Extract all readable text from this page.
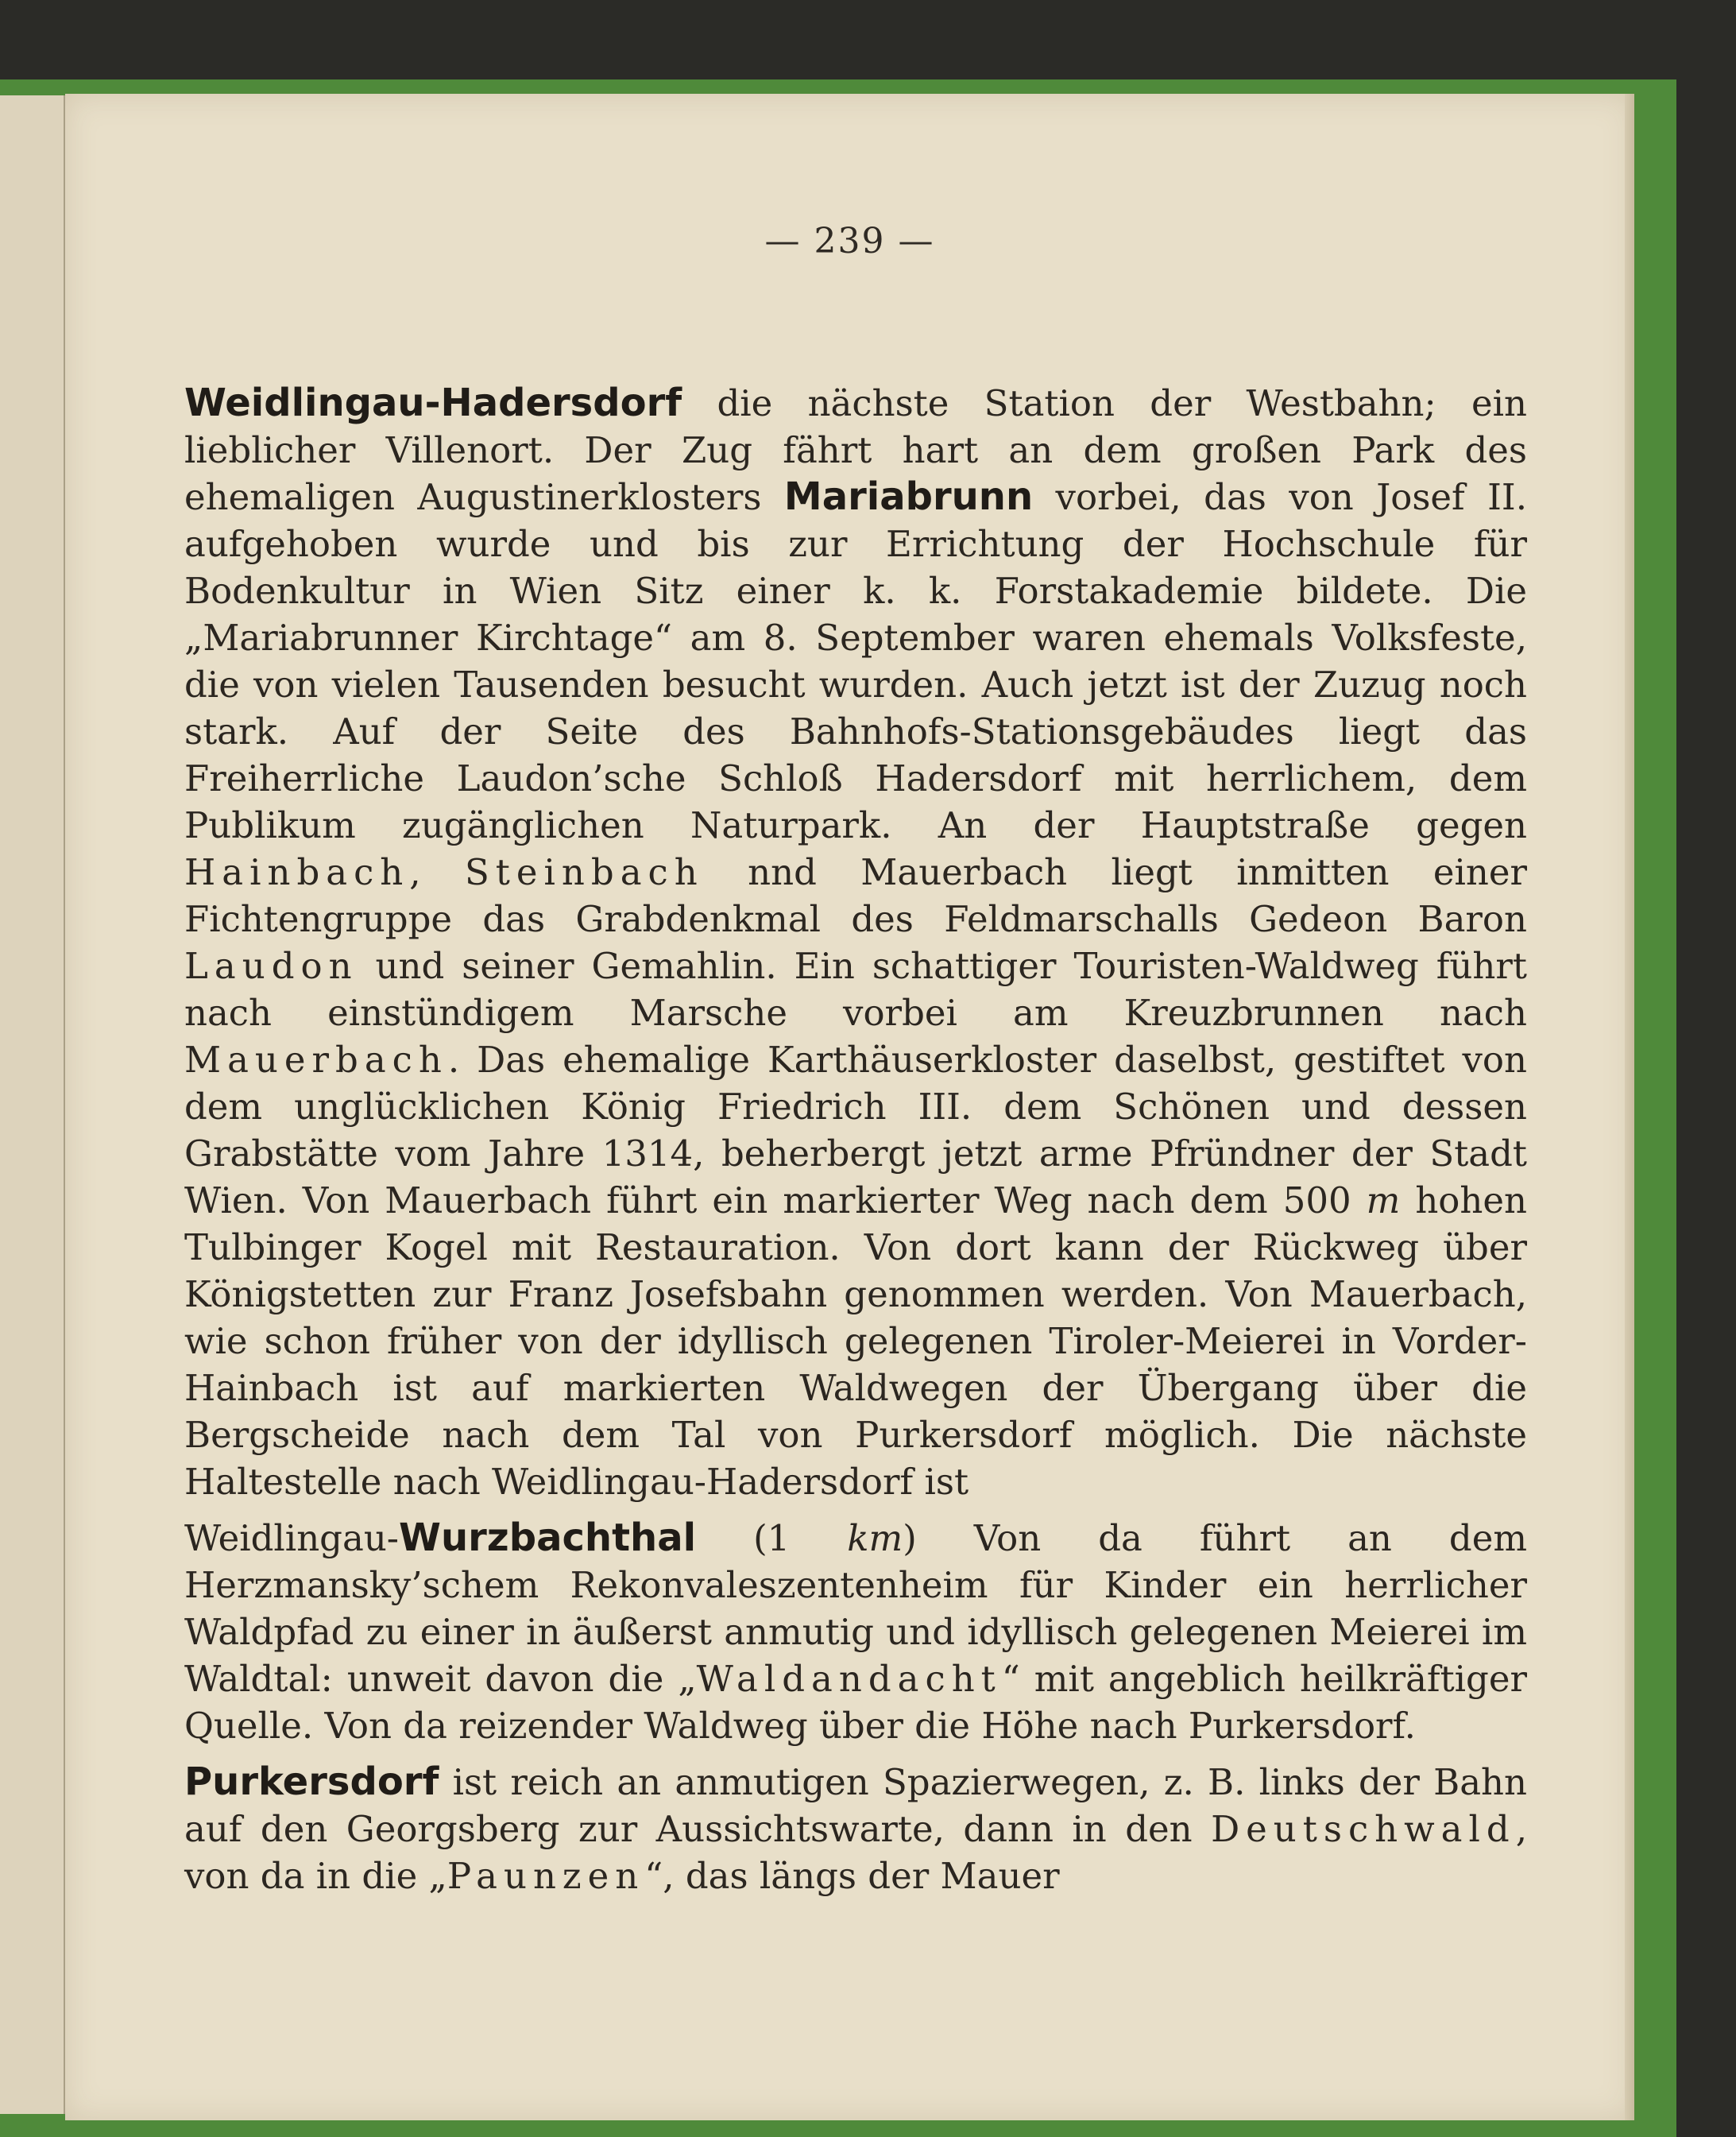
— 239 —

Weidlingau-Hadersdorf die nächste Station der Westbahn; ein lieblicher Villenort. Der Zug fährt hart an dem großen Park des ehemaligen Augustinerklosters Mariabrunn vorbei, das von Josef II. aufgehoben wurde und bis zur Errichtung der Hochschule für Bodenkultur in Wien Sitz einer k. k. Forstakademie bildete. Die „Mariabrunner Kirchtage“ am 8. September waren ehemals Volksfeste, die von vielen Tausenden besucht wurden. Auch jetzt ist der Zuzug noch stark. Auf der Seite des Bahnhofs-Stationsgebäudes liegt das Freiherrliche Laudon’sche Schloß Hadersdorf mit herrlichem, dem Publikum zugänglichen Naturpark. An der Hauptstraße gegen Hainbach, Steinbach nnd Mauerbach liegt inmitten einer Fichtengruppe das Grabdenkmal des Feldmarschalls Gedeon Baron Laudon und seiner Gemahlin. Ein schattiger Touristen-Waldweg führt nach einstündigem Marsche vorbei am Kreuzbrunnen nach Mauerbach. Das ehemalige Karthäuserkloster daselbst, gestiftet von dem unglücklichen König Friedrich III. dem Schönen und dessen Grabstätte vom Jahre 1314, beherbergt jetzt arme Pfründner der Stadt Wien. Von Mauerbach führt ein markierter Weg nach dem 500 m hohen Tulbinger Kogel mit Restauration. Von dort kann der Rückweg über Königstetten zur Franz Josefsbahn genommen werden. Von Mauerbach, wie schon früher von der idyllisch gelegenen Tiroler-Meierei in Vorder-Hainbach ist auf markierten Waldwegen der Übergang über die Bergscheide nach dem Tal von Purkersdorf möglich. Die nächste Haltestelle nach Weidlingau-Hadersdorf ist

Weidlingau-Wurzbachthal (1 km) Von da führt an dem Herzmansky’schem Rekonvaleszentenheim für Kinder ein herrlicher Waldpfad zu einer in äußerst anmutig und idyllisch gelegenen Meierei im Waldtal: unweit davon die „Waldandacht“ mit angeblich heilkräftiger Quelle. Von da reizender Waldweg über die Höhe nach Purkersdorf.

Purkersdorf ist reich an anmutigen Spazierwegen, z. B. links der Bahn auf den Georgsberg zur Aussichtswarte, dann in den Deutschwald, von da in die „Paunzen“, das längs der Mauer
